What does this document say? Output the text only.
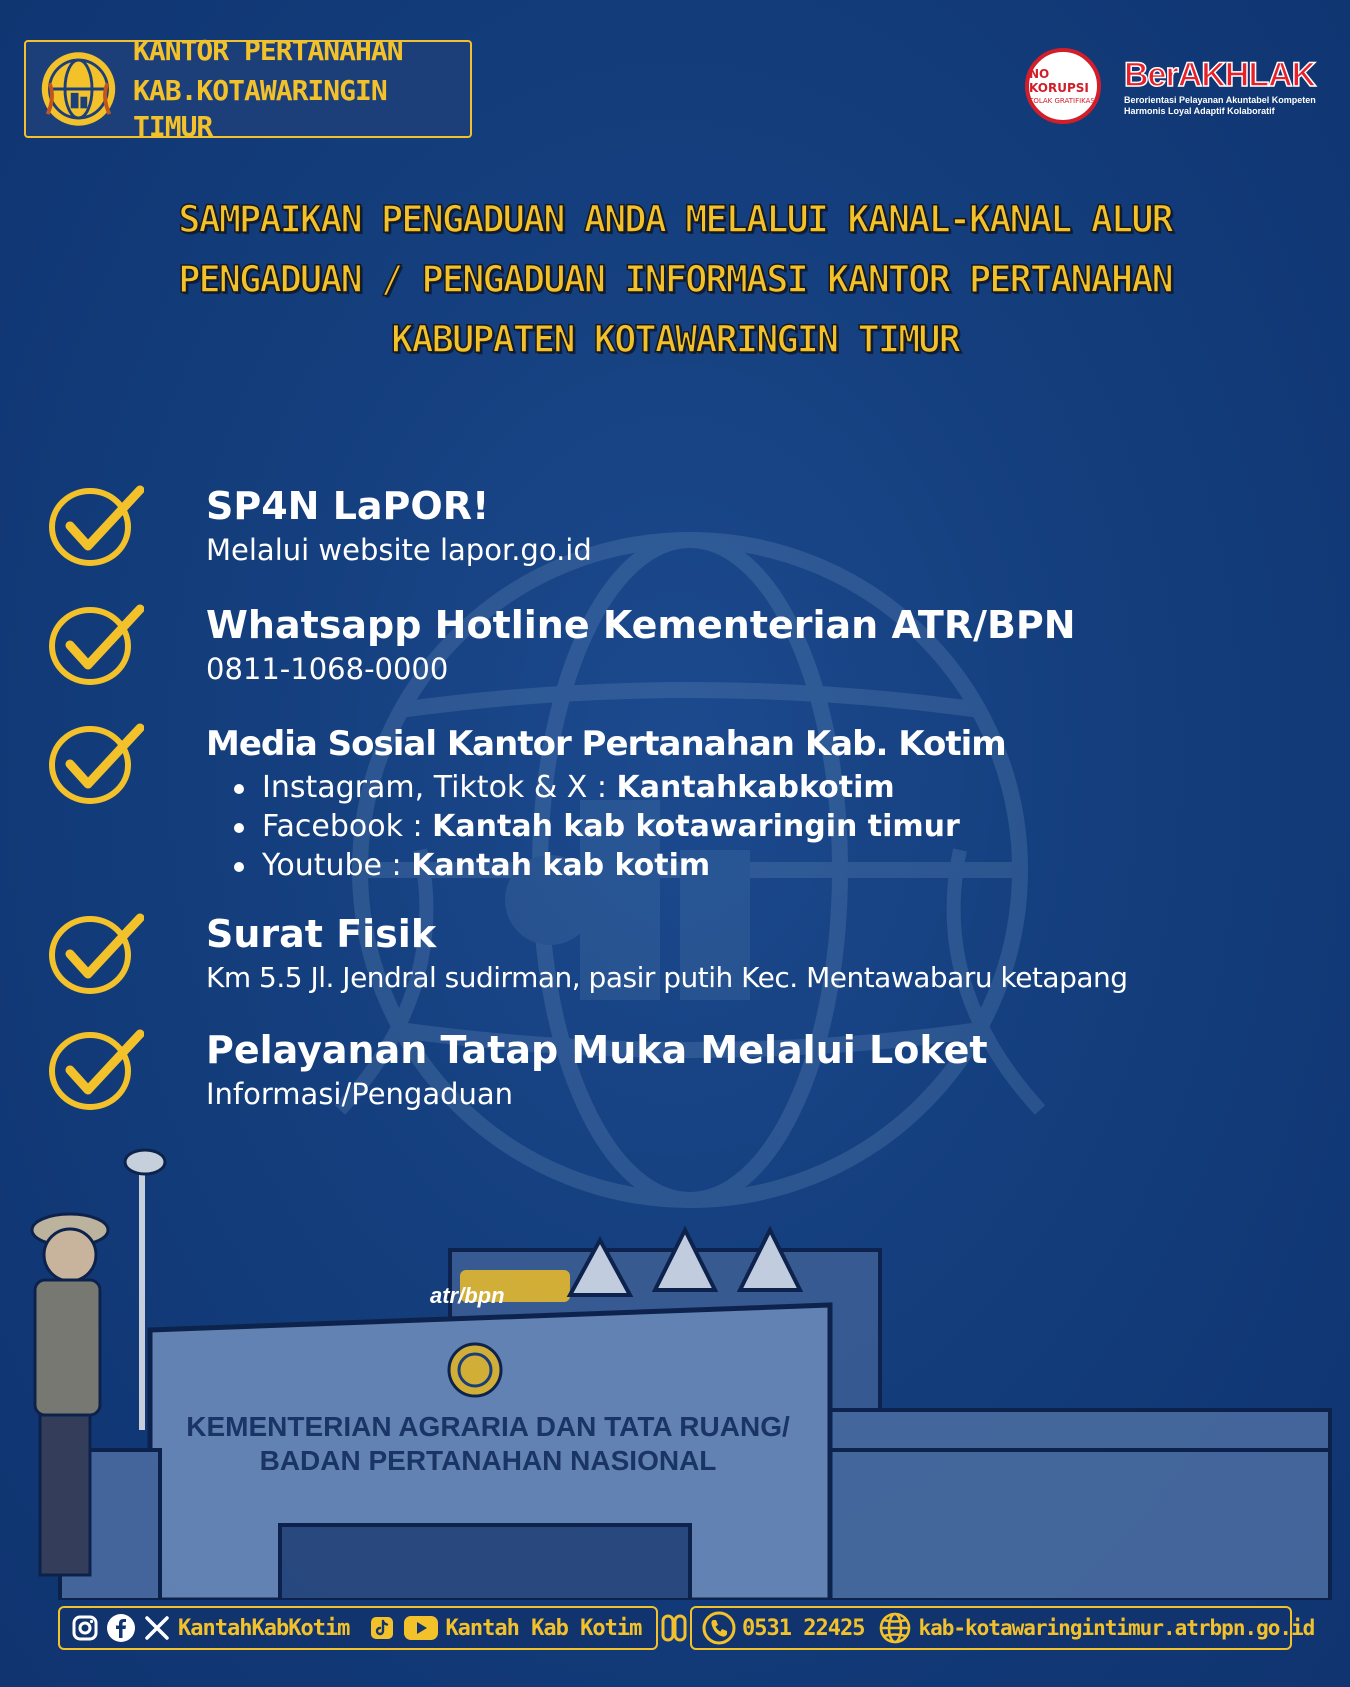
KANTOR PERTANAHAN
KAB.KOTAWARINGIN TIMUR
NO KORUPSI
TOLAK GRATIFIKASI
BerAKHLAK
Berorientasi Pelayanan Akuntabel Kompeten
Harmonis Loyal Adaptif Kolaboratif
SAMPAIKAN PENGADUAN ANDA MELALUI KANAL-KANAL ALUR
PENGADUAN / PENGADUAN INFORMASI KANTOR PERTANAHAN
KABUPATEN KOTAWARINGIN TIMUR
SP4N LaPOR!
Melalui website lapor.go.id
Whatsapp Hotline Kementerian ATR/BPN
0811-1068-0000
Media Sosial Kantor Pertanahan Kab. Kotim
Instagram, Tiktok & X : Kantahkabkotim
Facebook : Kantah kab kotawaringin timur
Youtube : Kantah kab kotim
Surat Fisik
Km 5.5 Jl. Jendral sudirman, pasir putih Kec. Mentawabaru ketapang
Pelayanan Tatap Muka Melalui Loket
Informasi/Pengaduan
atr/bpn
KEMENTERIAN AGRARIA DAN TATA RUANG/
BADAN PERTANAHAN NASIONAL
KantahKabKotim	Kantah Kab Kotim	0531 22425	kab-kotawaringintimur.atrbpn.go.id
